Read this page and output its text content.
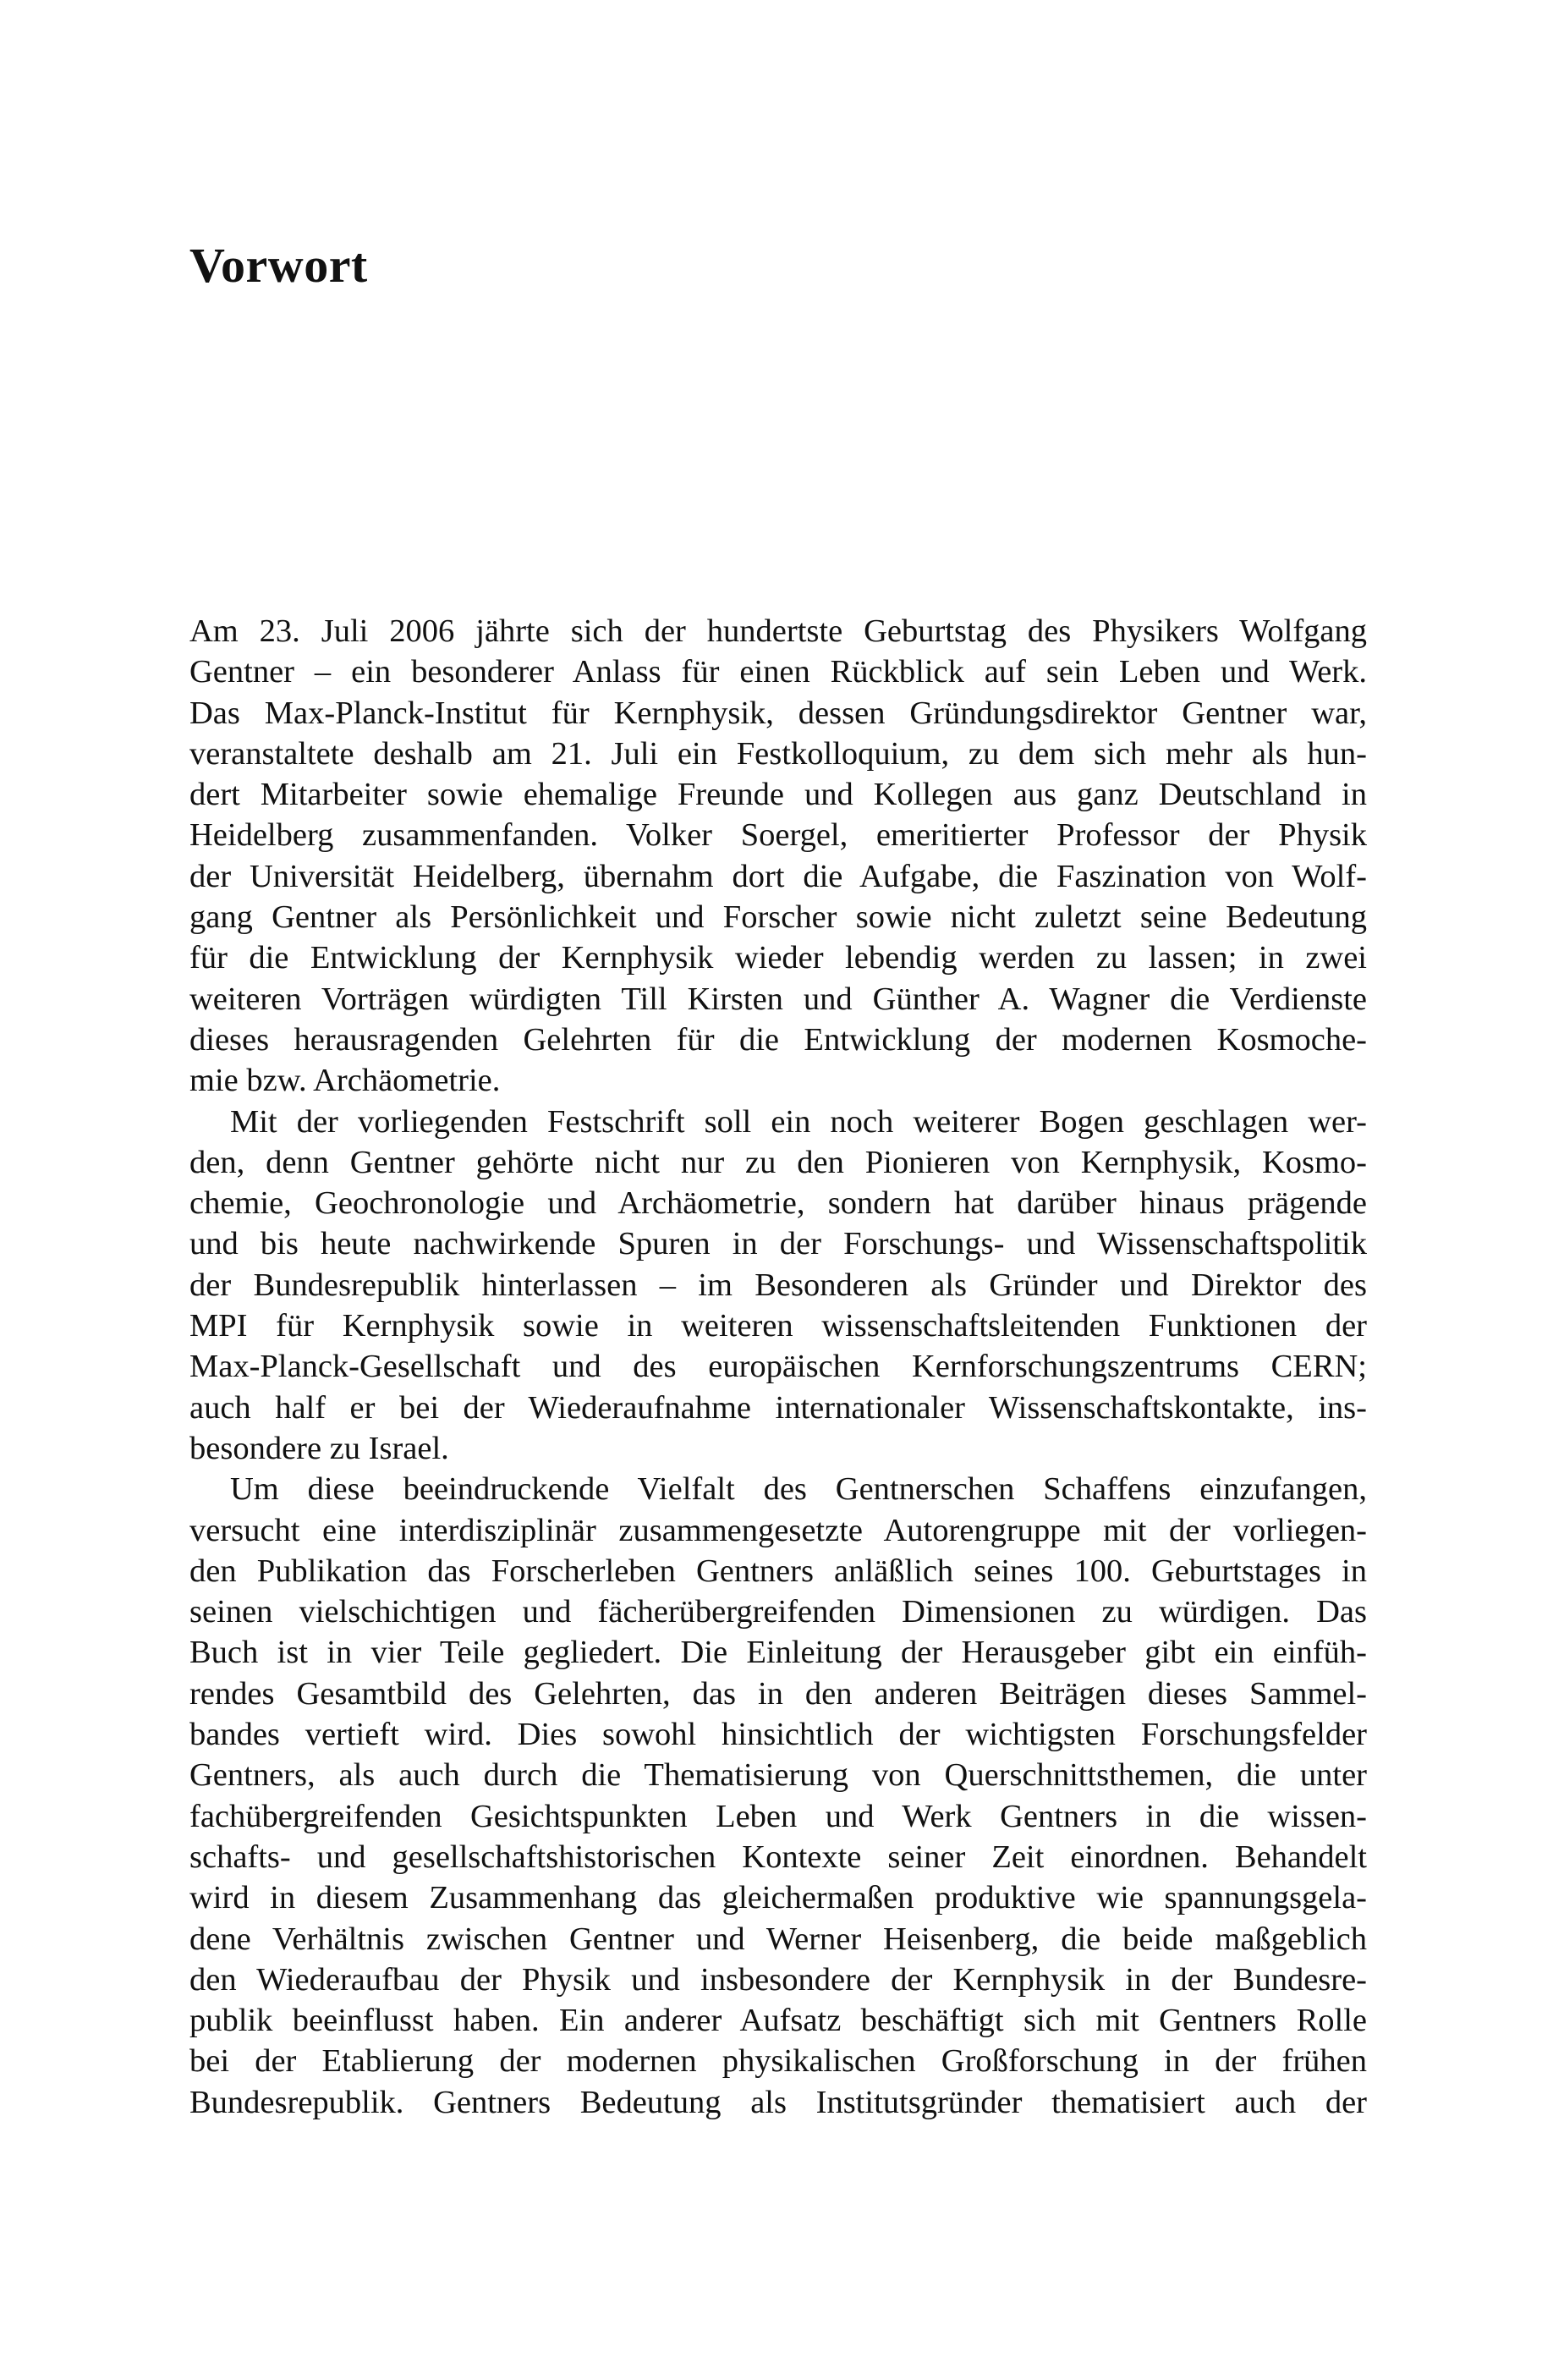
Vorwort
Am 23. Juli 2006 jährte sich der hundertste Geburtstag des Physikers Wolfgang
Gentner – ein besonderer Anlass für einen Rückblick auf sein Leben und Werk.
Das Max-Planck-Institut für Kernphysik, dessen Gründungsdirektor Gentner war,
veranstaltete deshalb am 21. Juli ein Festkolloquium, zu dem sich mehr als hun-
dert Mitarbeiter sowie ehemalige Freunde und Kollegen aus ganz Deutschland in
Heidelberg zusammenfanden. Volker Soergel, emeritierter Professor der Physik
der Universität Heidelberg, übernahm dort die Aufgabe, die Faszination von Wolf-
gang Gentner als Persönlichkeit und Forscher sowie nicht zuletzt seine Bedeutung
für die Entwicklung der Kernphysik wieder lebendig werden zu lassen; in zwei
weiteren Vorträgen würdigten Till Kirsten und Günther A. Wagner die Verdienste
dieses herausragenden Gelehrten für die Entwicklung der modernen Kosmoche-
mie bzw. Archäometrie.
Mit der vorliegenden Festschrift soll ein noch weiterer Bogen geschlagen wer-
den, denn Gentner gehörte nicht nur zu den Pionieren von Kernphysik, Kosmo-
chemie, Geochronologie und Archäometrie, sondern hat darüber hinaus prägende
und bis heute nachwirkende Spuren in der Forschungs- und Wissenschaftspolitik
der Bundesrepublik hinterlassen – im Besonderen als Gründer und Direktor des
MPI für Kernphysik sowie in weiteren wissenschaftsleitenden Funktionen der
Max-Planck-Gesellschaft und des europäischen Kernforschungszentrums CERN;
auch half er bei der Wiederaufnahme internationaler Wissenschaftskontakte, ins-
besondere zu Israel.
Um diese beeindruckende Vielfalt des Gentnerschen Schaffens einzufangen,
versucht eine interdisziplinär zusammengesetzte Autorengruppe mit der vorliegen-
den Publikation das Forscherleben Gentners anläßlich seines 100. Geburtstages in
seinen vielschichtigen und fächerübergreifenden Dimensionen zu würdigen. Das
Buch ist in vier Teile gegliedert. Die Einleitung der Herausgeber gibt ein einfüh-
rendes Gesamtbild des Gelehrten, das in den anderen Beiträgen dieses Sammel-
bandes vertieft wird. Dies sowohl hinsichtlich der wichtigsten Forschungsfelder
Gentners, als auch durch die Thematisierung von Querschnittsthemen, die unter
fachübergreifenden Gesichtspunkten Leben und Werk Gentners in die wissen-
schafts- und gesellschaftshistorischen Kontexte seiner Zeit einordnen. Behandelt
wird in diesem Zusammenhang das gleichermaßen produktive wie spannungsgela-
dene Verhältnis zwischen Gentner und Werner Heisenberg, die beide maßgeblich
den Wiederaufbau der Physik und insbesondere der Kernphysik in der Bundesre-
publik beeinflusst haben. Ein anderer Aufsatz beschäftigt sich mit Gentners Rolle
bei der Etablierung der modernen physikalischen Großforschung in der frühen
Bundesrepublik. Gentners Bedeutung als Institutsgründer thematisiert auch der
